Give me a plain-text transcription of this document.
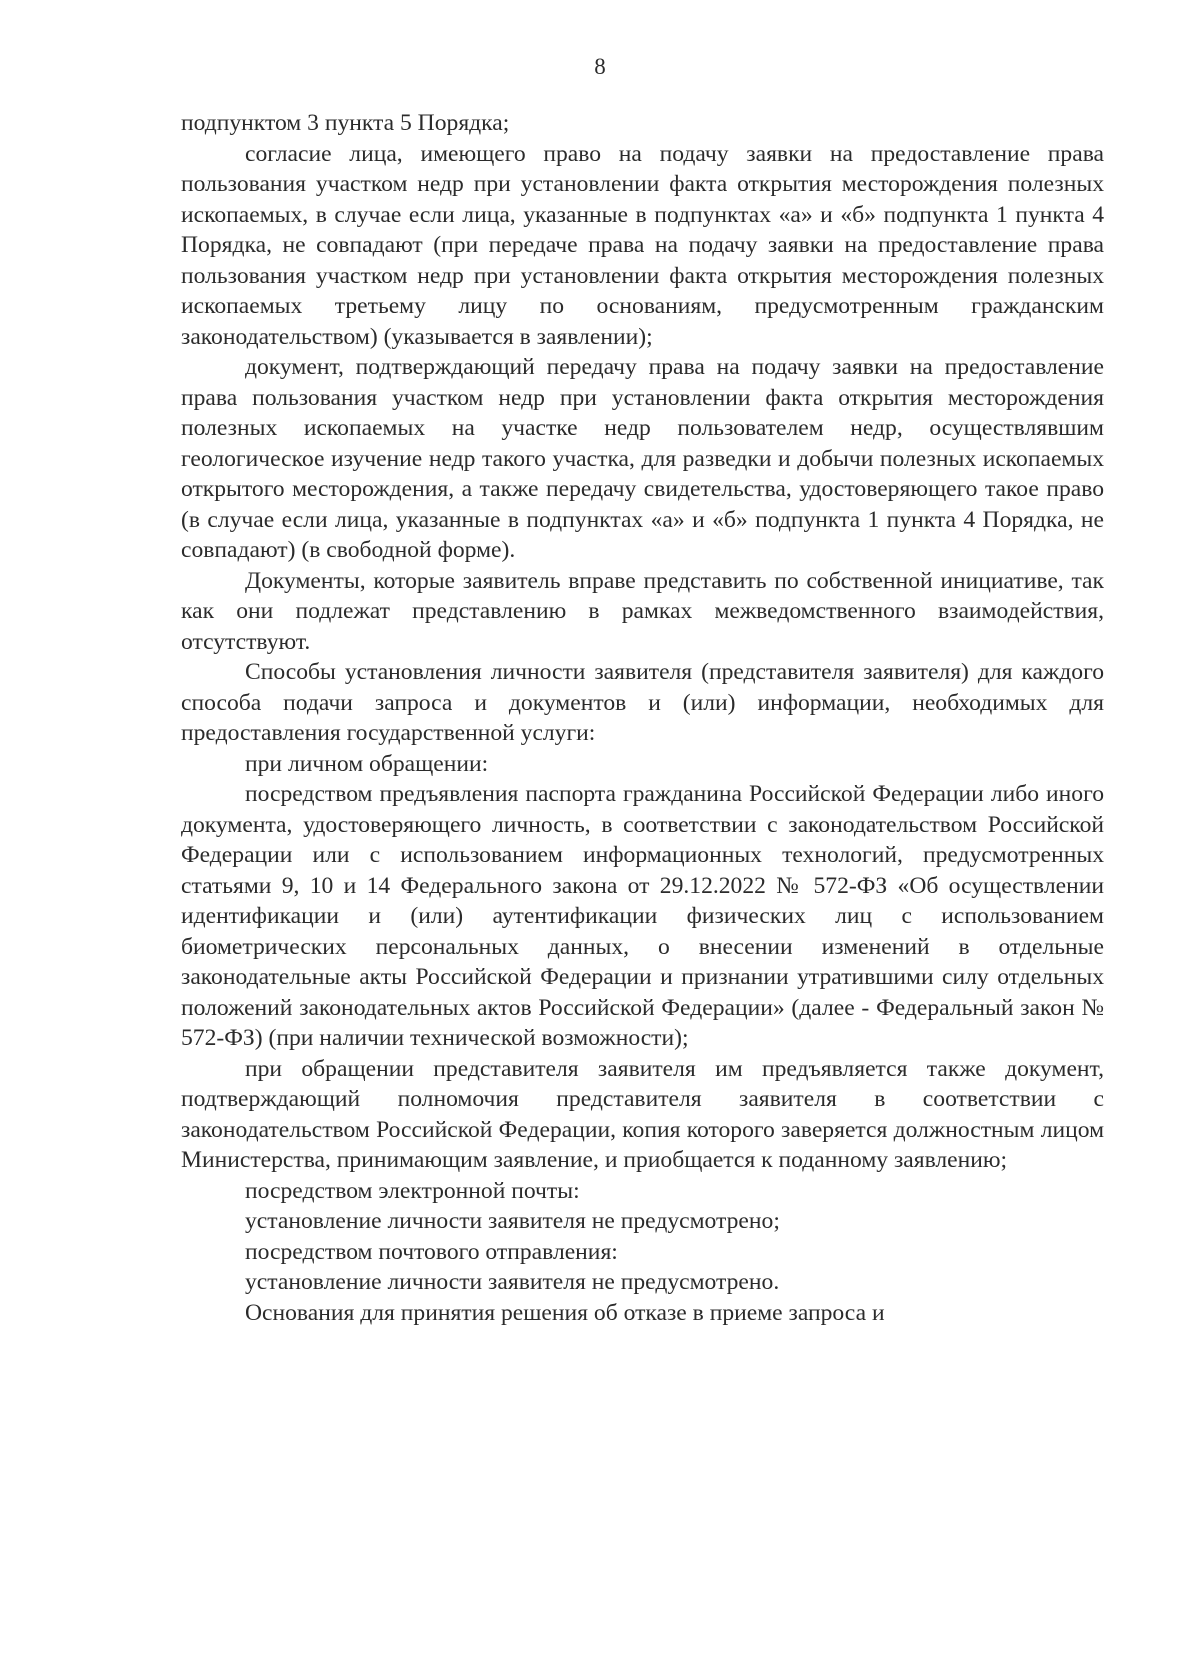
8

подпунктом 3 пункта 5 Порядка;

согласие лица, имеющего право на подачу заявки на предоставление права пользования участком недр при установлении факта открытия месторождения полезных ископаемых, в случае если лица, указанные в подпунктах «а» и «б» подпункта 1 пункта 4 Порядка, не совпадают (при передаче права на подачу заявки на предоставление права пользования участком недр при установлении факта открытия месторождения полезных ископаемых третьему лицу по основаниям, предусмотренным гражданским законодательством) (указывается в заявлении);

документ, подтверждающий передачу права на подачу заявки на предоставление права пользования участком недр при установлении факта открытия месторождения полезных ископаемых на участке недр пользователем недр, осуществлявшим геологическое изучение недр такого участка, для разведки и добычи полезных ископаемых открытого месторождения, а также передачу свидетельства, удостоверяющего такое право (в случае если лица, указанные в подпунктах «а» и «б» подпункта 1 пункта 4 Порядка, не совпадают) (в свободной форме).

Документы, которые заявитель вправе представить по собственной инициативе, так как они подлежат представлению в рамках межведомственного взаимодействия, отсутствуют.

Способы установления личности заявителя (представителя заявителя) для каждого способа подачи запроса и документов и (или) информации, необходимых для предоставления государственной услуги:

при личном обращении:

посредством предъявления паспорта гражданина Российской Федерации либо иного документа, удостоверяющего личность, в соответствии с законодательством Российской Федерации или с использованием информационных технологий, предусмотренных статьями 9, 10 и 14 Федерального закона от 29.12.2022 № 572-ФЗ «Об осуществлении идентификации и (или) аутентификации физических лиц с использованием биометрических персональных данных, о внесении изменений в отдельные законодательные акты Российской Федерации и признании утратившими силу отдельных положений законодательных актов Российской Федерации» (далее - Федеральный закон № 572-ФЗ) (при наличии технической возможности);

при обращении представителя заявителя им предъявляется также документ, подтверждающий полномочия представителя заявителя в соответствии с законодательством Российской Федерации, копия которого заверяется должностным лицом Министерства, принимающим заявление, и приобщается к поданному заявлению;

посредством электронной почты:

установление личности заявителя не предусмотрено;

посредством почтового отправления:

установление личности заявителя не предусмотрено.

Основания для принятия решения об отказе в приеме запроса и
